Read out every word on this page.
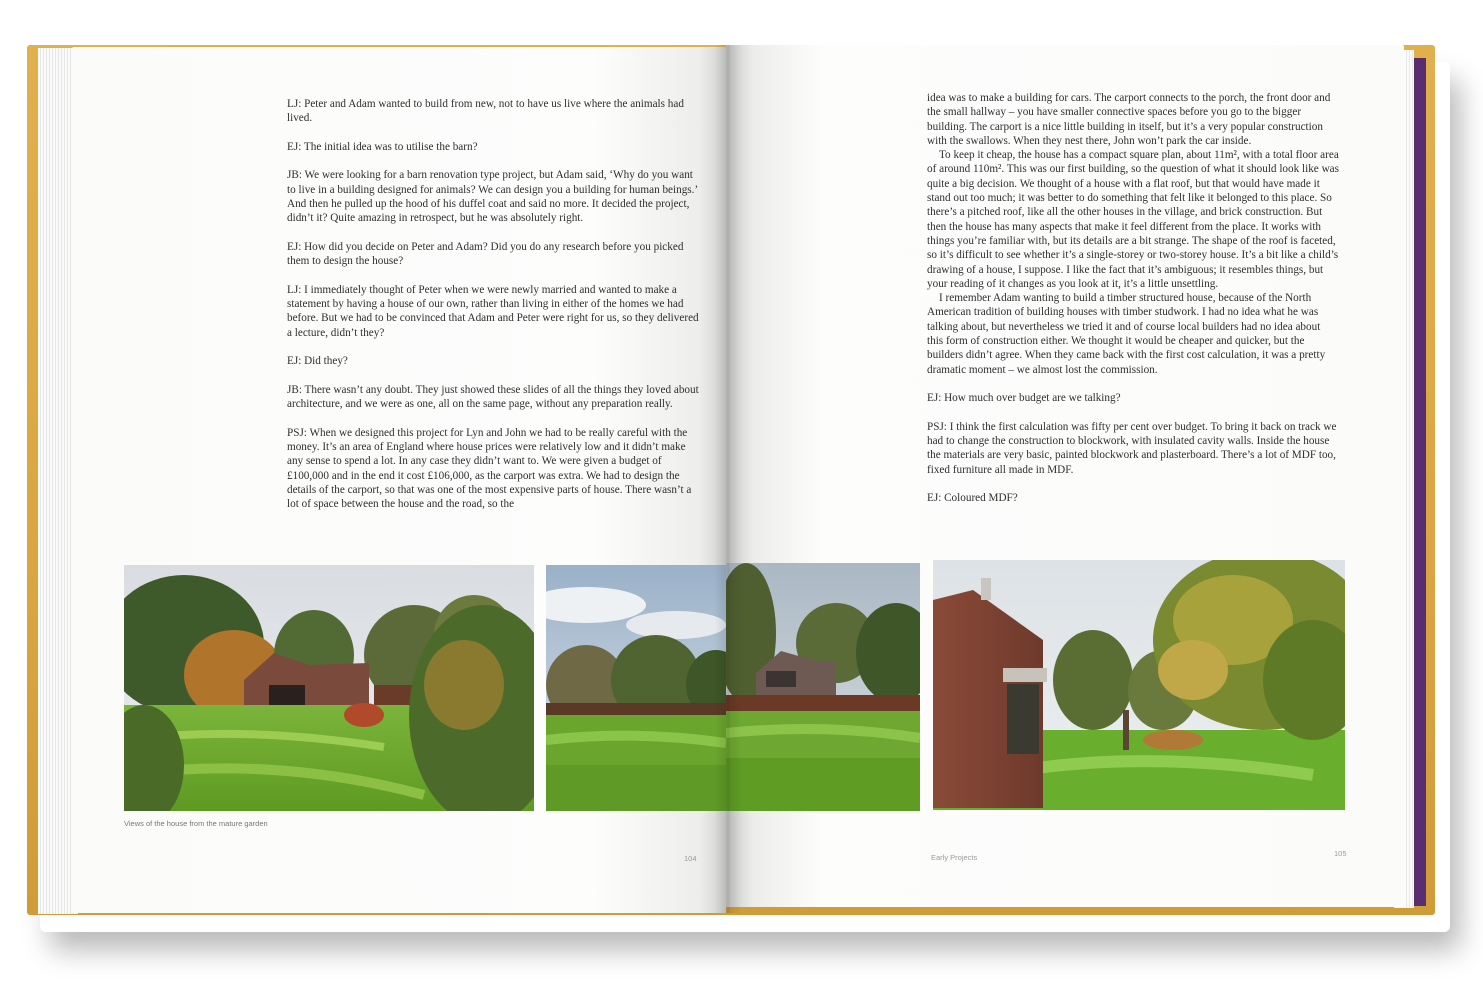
LJ: Peter and Adam wanted to build from new, not to have us live where the animals had lived.

EJ: The initial idea was to utilise the barn?

JB: We were looking for a barn renovation type project, but Adam said, ‘Why do you want to live in a building designed for animals? We can design you a building for human beings.’ And then he pulled up the hood of his duffel coat and said no more. It decided the project, didn’t it? Quite amazing in retrospect, but he was absolutely right.

EJ: How did you decide on Peter and Adam? Did you do any research before you picked them to design the house?

LJ: I immediately thought of Peter when we were newly married and wanted to make a statement by having a house of our own, rather than living in either of the homes we had before. But we had to be convinced that Adam and Peter were right for us, so they delivered a lecture, didn’t they?

EJ: Did they?

JB: There wasn’t any doubt. They just showed these slides of all the things they loved about architecture, and we were as one, all on the same page, without any preparation really.

PSJ: When we designed this project for Lyn and John we had to be really careful with the money. It’s an area of England where house prices were relatively low and it didn’t make any sense to spend a lot. In any case they didn’t want to. We were given a budget of £100,000 and in the end it cost £106,000, as the carport was extra. We had to design the details of the carport, so that was one of the most expensive parts of house. There wasn’t a lot of space between the house and the road, so the

idea was to make a building for cars. The carport connects to the porch, the front door and the small hallway – you have smaller connective spaces before you go to the bigger building. The carport is a nice little building in itself, but it’s a very popular construction with the swallows. When they nest there, John won’t park the car inside.

To keep it cheap, the house has a compact square plan, about 11m², with a total floor area of around 110m². This was our first building, so the question of what it should look like was quite a big decision. We thought of a house with a flat roof, but that would have made it stand out too much; it was better to do something that felt like it belonged to this place. So there’s a pitched roof, like all the other houses in the village, and brick construction. But then the house has many aspects that make it feel different from the place. It works with things you’re familiar with, but its details are a bit strange. The shape of the roof is faceted, so it’s difficult to see whether it’s a single-storey or two-storey house. It’s a bit like a child’s drawing of a house, I suppose. I like the fact that it’s ambiguous; it resembles things, but your reading of it changes as you look at it, it’s a little unsettling.

I remember Adam wanting to build a timber structured house, because of the North American tradition of building houses with timber studwork. I had no idea what he was talking about, but nevertheless we tried it and of course local builders had no idea about this form of construction either. We thought it would be cheaper and quicker, but the builders didn’t agree. When they came back with the first cost calculation, it was a pretty dramatic moment – we almost lost the commission.

EJ: How much over budget are we talking?

PSJ: I think the first calculation was fifty per cent over budget. To bring it back on track we had to change the construction to blockwork, with insulated cavity walls. Inside the house the materials are very basic, painted blockwork and plasterboard. There’s a lot of MDF too, fixed furniture all made in MDF.

EJ: Coloured MDF?

Views of the house from the mature garden
104	Early Projects	105
